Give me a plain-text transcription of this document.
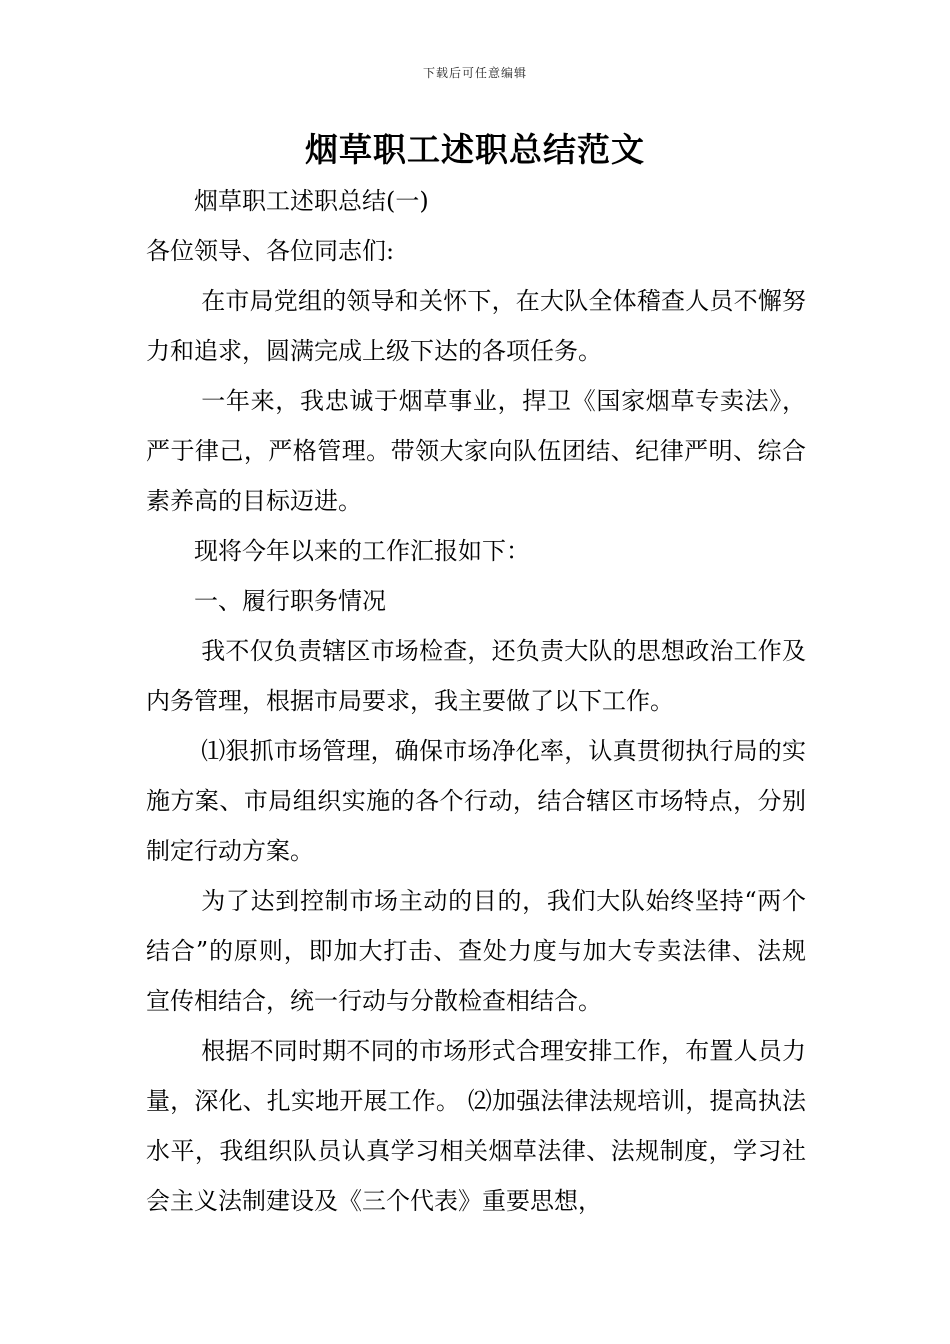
下载后可任意编辑
烟草职工述职总结范文

烟草职工述职总结(一)

各位领导、各位同志们:

在市局党组的领导和关怀下，在大队全体稽查人员不懈努力和追求，圆满完成上级下达的各项任务。

一年来，我忠诚于烟草事业，捍卫《国家烟草专卖法》，严于律己，严格管理。带领大家向队伍团结、纪律严明、综合素养高的目标迈进。

现将今年以来的工作汇报如下：

一、履行职务情况

我不仅负责辖区市场检查，还负责大队的思想政治工作及内务管理，根据市局要求，我主要做了以下工作。

⑴狠抓市场管理，确保市场净化率，认真贯彻执行局的实施方案、市局组织实施的各个行动，结合辖区市场特点，分别制定行动方案。

为了达到控制市场主动的目的，我们大队始终坚持“两个结合”的原则，即加大打击、查处力度与加大专卖法律、法规宣传相结合，统一行动与分散检查相结合。

根据不同时期不同的市场形式合理安排工作，布置人员力量，深化、扎实地开展工作。 ⑵加强法律法规培训，提高执法水平，我组织队员认真学习相关烟草法律、法规制度，学习社会主义法制建设及《三个代表》重要思想，
